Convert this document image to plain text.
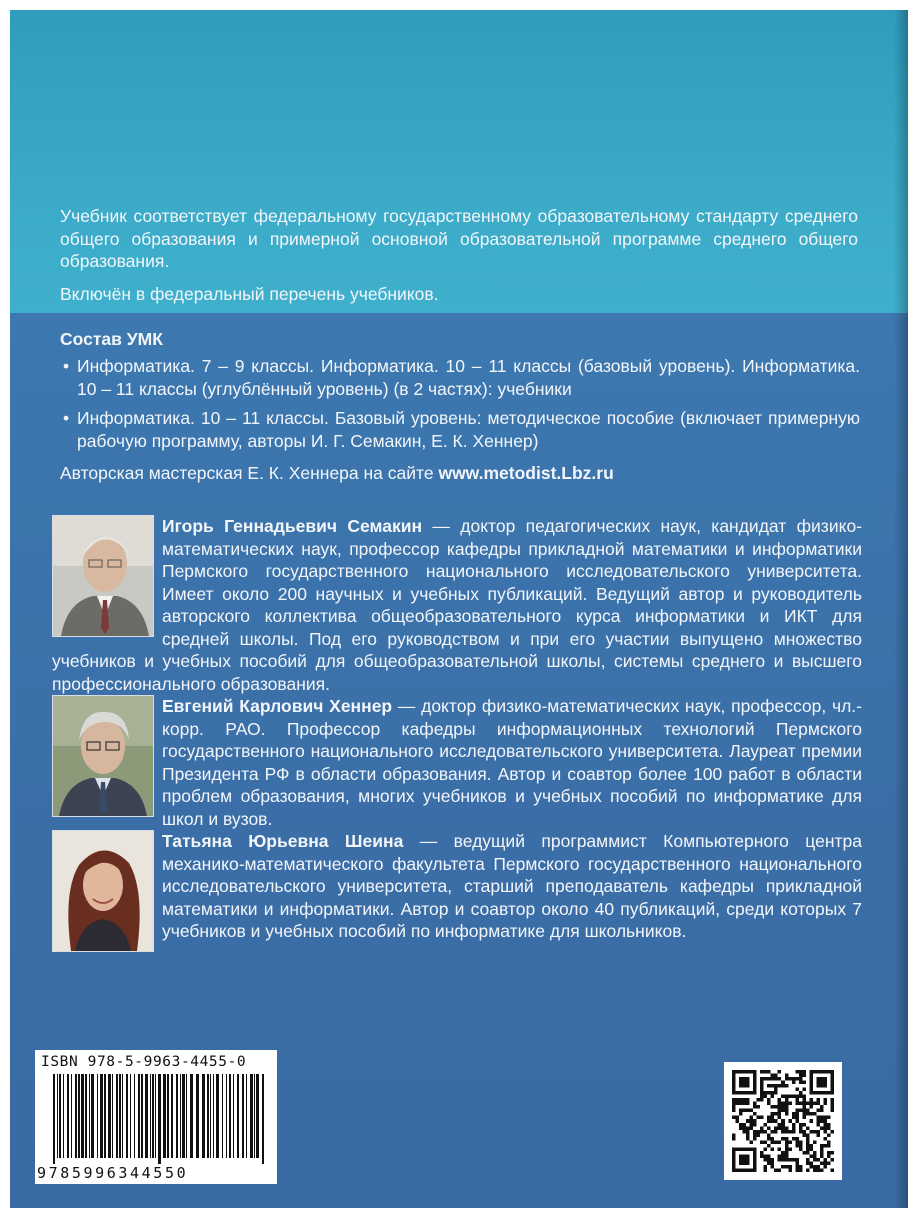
Учебник соответствует федеральному государственному образовательному стандарту среднего общего образования и примерной основной образовательной программе среднего общего образования.

Включён в федеральный перечень учебников.

Состав УМК
• Информатика. 7 – 9 классы. Информатика. 10 – 11 классы (базовый уровень). Информатика. 10 – 11 классы (углублённый уровень) (в 2 частях): учебники
• Информатика. 10 – 11 классы. Базовый уровень: методическое пособие (включает примерную рабочую программу, авторы И. Г. Семакин, Е. К. Хеннер)
Авторская мастерская Е. К. Хеннера на сайте www.metodist.Lbz.ru
Игорь Геннадьевич Семакин — доктор педагогических наук, кандидат физико-математических наук, профессор кафедры прикладной математики и информатики Пермского государственного национального исследовательского университета. Имеет около 200 научных и учебных публикаций. Ведущий автор и руководитель авторского коллектива общеобразовательного курса информатики и ИКТ для средней школы. Под его руководством и при его участии выпущено множество учебников и учебных пособий для общеобразовательной школы, системы среднего и высшего профессионального образования.
Евгений Карлович Хеннер — доктор физико-математических наук, профессор, чл.-корр. РАО. Профессор кафедры информационных технологий Пермского государственного национального исследовательского университета. Лауреат премии Президента РФ в области образования. Автор и соавтор более 100 работ в области проблем образования, многих учебников и учебных пособий по информатике для школ и вузов.
Татьяна Юрьевна Шеина — ведущий программист Компьютерного центра механико-математического факультета Пермского государственного национального исследовательского университета, старший преподаватель кафедры прикладной математики и информатики. Автор и соавтор около 40 публикаций, среди которых 7 учебников и учебных пособий по информатике для школьников.
ISBN 978-5-9963-4455-0
9785996344550
